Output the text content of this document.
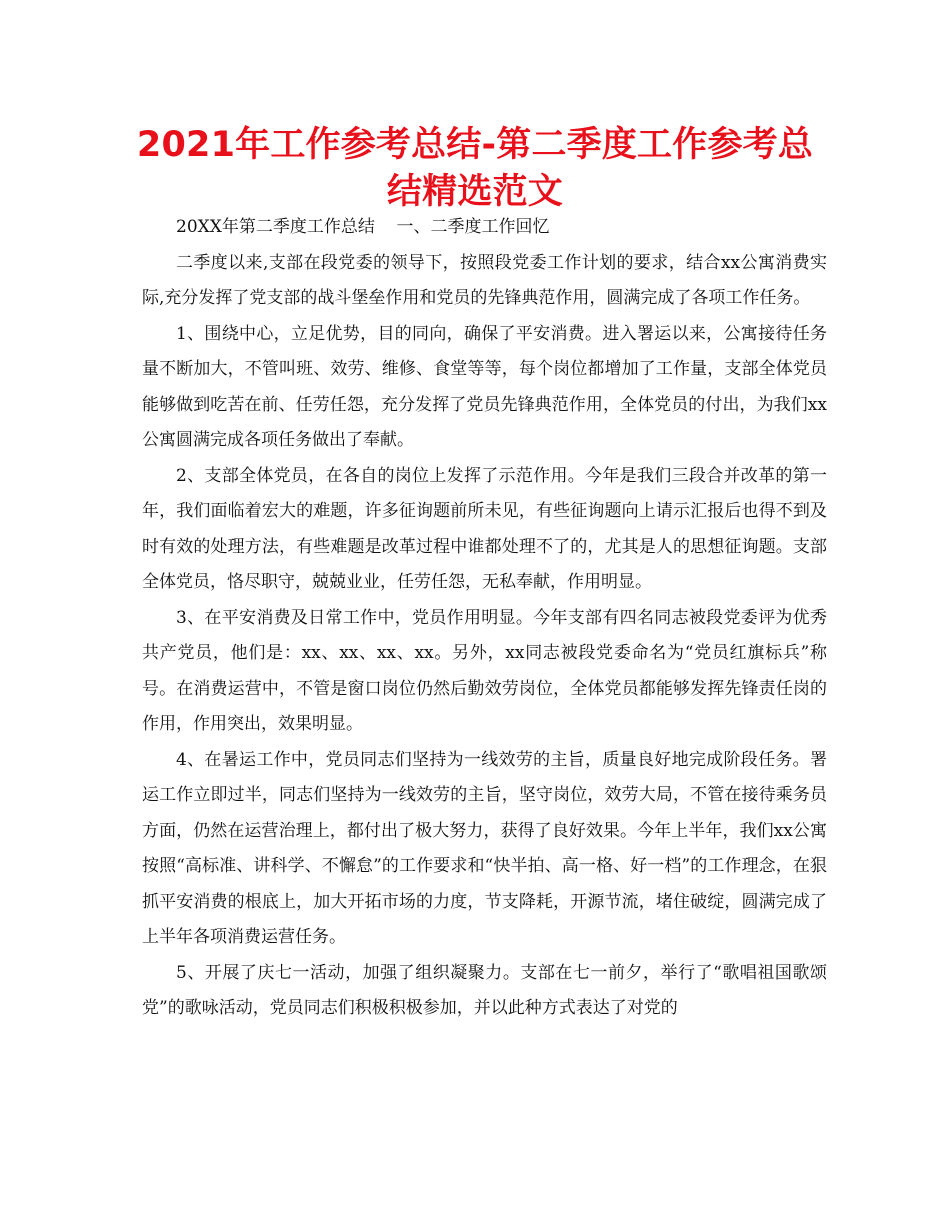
2021年工作参考总结-第二季度工作参考总结精选范文

20XX年第二季度工作总结    一、二季度工作回忆

二季度以来,支部在段党委的领导下，按照段党委工作计划的要求，结合xx公寓消费实际,充分发挥了党支部的战斗堡垒作用和党员的先锋典范作用，圆满完成了各项工作任务。

1、围绕中心，立足优势，目的同向，确保了平安消费。进入署运以来，公寓接待任务量不断加大，不管叫班、效劳、维修、食堂等等，每个岗位都增加了工作量，支部全体党员能够做到吃苦在前、任劳任怨，充分发挥了党员先锋典范作用，全体党员的付出，为我们xx公寓圆满完成各项任务做出了奉献。

2、支部全体党员，在各自的岗位上发挥了示范作用。今年是我们三段合并改革的第一年，我们面临着宏大的难题，许多征询题前所未见，有些征询题向上请示汇报后也得不到及时有效的处理方法，有些难题是改革过程中谁都处理不了的，尤其是人的思想征询题。支部全体党员，恪尽职守，兢兢业业，任劳任怨，无私奉献，作用明显。

3、在平安消费及日常工作中，党员作用明显。今年支部有四名同志被段党委评为优秀共产党员，他们是：xx、xx、xx、xx。另外，xx同志被段党委命名为“党员红旗标兵”称号。在消费运营中，不管是窗口岗位仍然后勤效劳岗位，全体党员都能够发挥先锋责任岗的作用，作用突出，效果明显。

4、在暑运工作中，党员同志们坚持为一线效劳的主旨，质量良好地完成阶段任务。署运工作立即过半，同志们坚持为一线效劳的主旨，坚守岗位，效劳大局，不管在接待乘务员方面，仍然在运营治理上，都付出了极大努力，获得了良好效果。今年上半年，我们xx公寓按照“高标准、讲科学、不懈怠”的工作要求和“快半拍、高一格、好一档”的工作理念，在狠抓平安消费的根底上，加大开拓市场的力度，节支降耗，开源节流，堵住破绽，圆满完成了上半年各项消费运营任务。

5、开展了庆七一活动，加强了组织凝聚力。支部在七一前夕，举行了“歌唱祖国歌颂党”的歌咏活动，党员同志们积极积极参加，并以此种方式表达了对党的
